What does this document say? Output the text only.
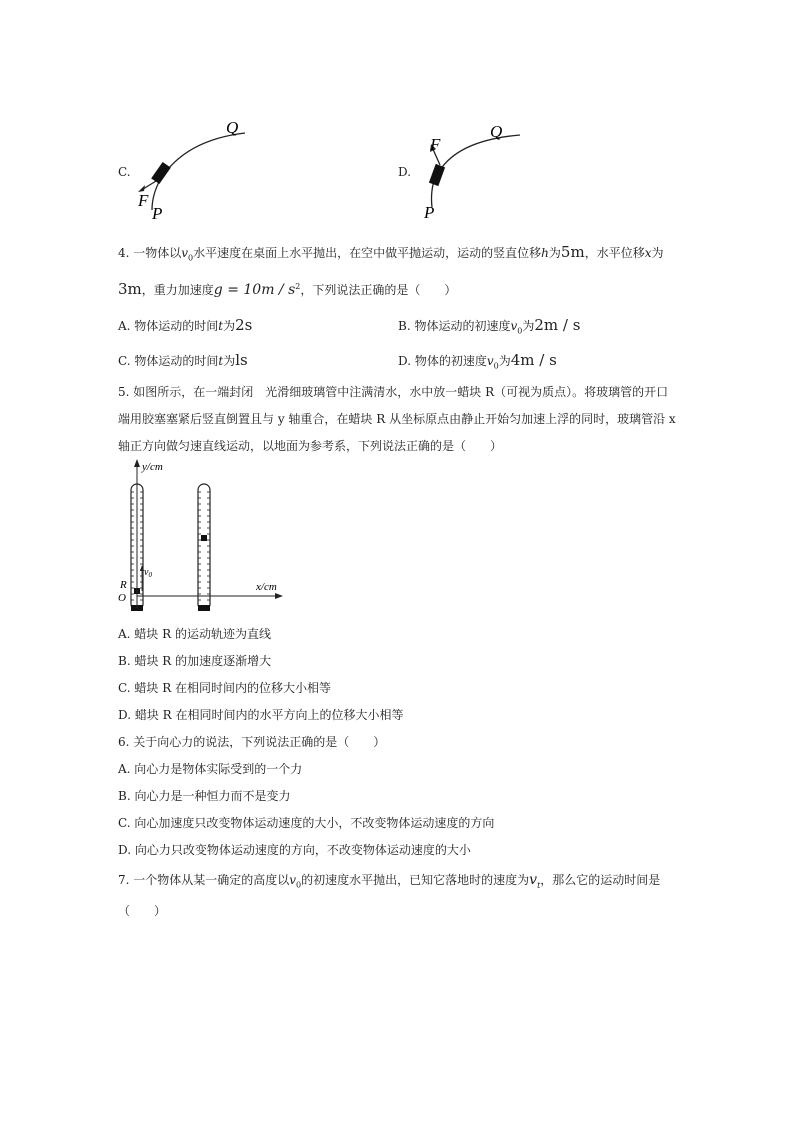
C.
Q
P
F
D.
Q
P
F
4. 一物体以$v_0$水平速度在桌面上水平抛出，在空中做平抛运动，运动的竖直位移h为5m，水平位移x为
3m，重力加速度$g = 10m / s^2$，下列说法正确的是（　　）
A. 物体运动的时间t为2s	B. 物体运动的初速度$v_0$为2m / s
C. 物体运动的时间t为ls	D. 物体的初速度$v_0$为4m / s
5. 如图所示，在一端封闭　光滑细玻璃管中注满清水，水中放一蜡块 R（可视为质点）。将玻璃管的开口
端用胶塞塞紧后竖直倒置且与 y 轴重合，在蜡块 R 从坐标原点由静止开始匀加速上浮的同时，玻璃管沿 x
轴正方向做匀速直线运动，以地面为参考系，下列说法正确的是（　　）
y/cm
x/cm
R
O
$v_0$
A. 蜡块 R 的运动轨迹为直线
B. 蜡块 R 的加速度逐渐增大
C. 蜡块 R 在相同时间内的位移大小相等
D. 蜡块 R 在相同时间内的水平方向上的位移大小相等
6. 关于向心力的说法，下列说法正确的是（　　）
A. 向心力是物体实际受到的一个力
B. 向心力是一种恒力而不是变力
C. 向心加速度只改变物体运动速度的大小，不改变物体运动速度的方向
D. 向心力只改变物体运动速度的方向，不改变物体运动速度的大小
7. 一个物体从某一确定的高度以$v_0$的初速度水平抛出，已知它落地时的速度为$v_t$，那么它的运动时间是
（　　）
